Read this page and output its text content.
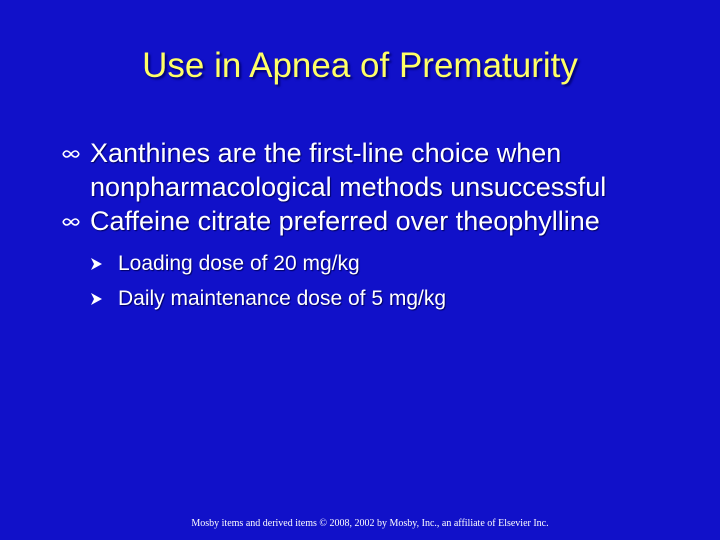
Use in Apnea of Prematurity
Xanthines are the first-line choice when nonpharmacological methods unsuccessful
Caffeine citrate preferred over theophylline
Loading dose of 20 mg/kg
Daily maintenance dose of 5 mg/kg
Mosby items and derived items © 2008, 2002 by Mosby, Inc., an affiliate of Elsevier Inc.
